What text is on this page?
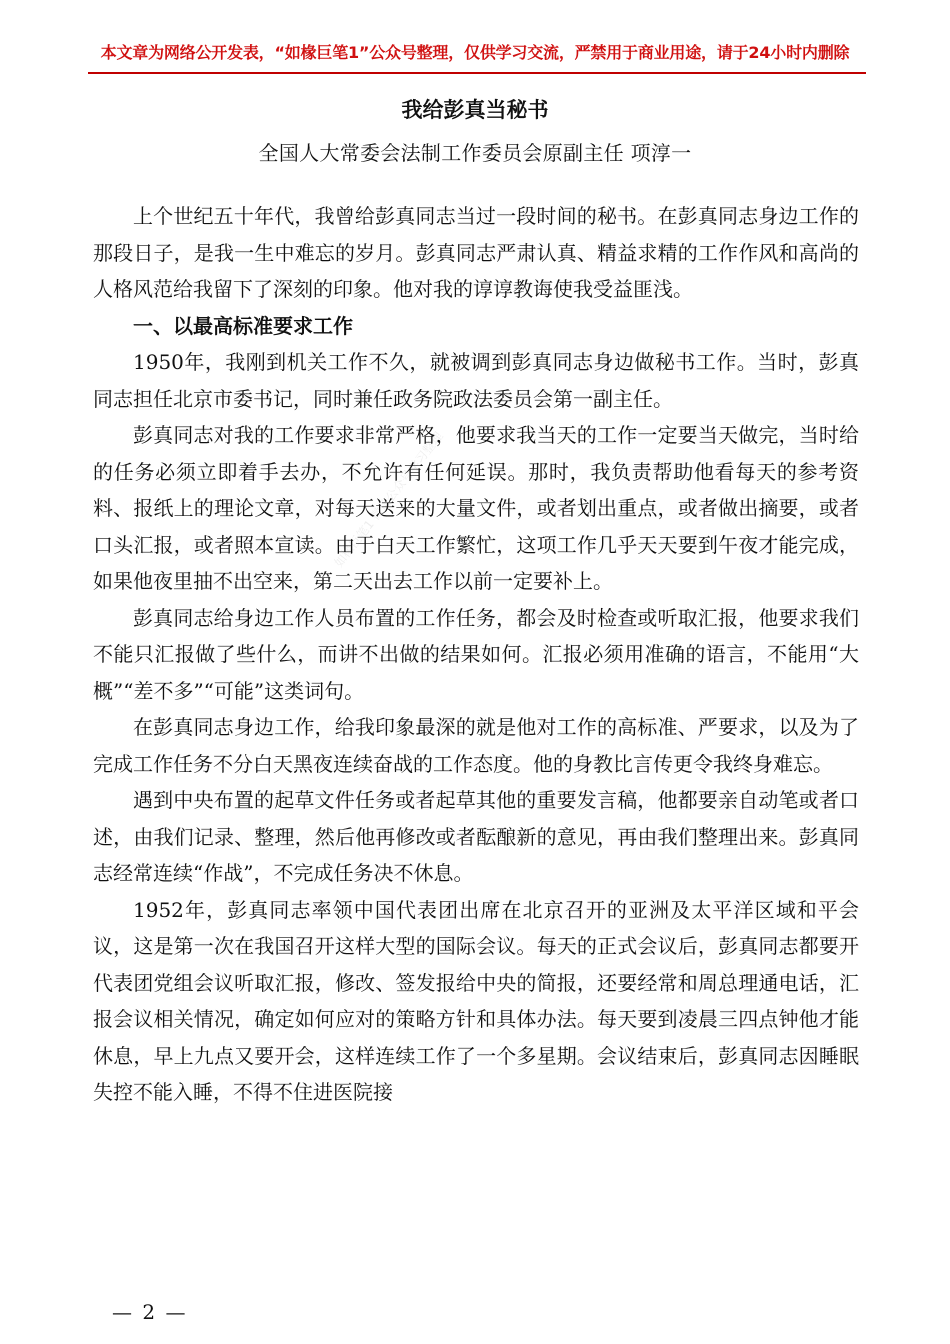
本文章为网络公开发表，“如椽巨笔1”公众号整理，仅供学习交流，严禁用于商业用途，请于24小时内删除
我给彭真当秘书
全国人大常委会法制工作委员会原副主任 项淳一
如椽巨笔1 微信公众号学习整理

上个世纪五十年代，我曾给彭真同志当过一段时间的秘书。在彭真同志身边工作的那段日子，是我一生中难忘的岁月。彭真同志严肃认真、精益求精的工作作风和高尚的人格风范给我留下了深刻的印象。他对我的谆谆教诲使我受益匪浅。

一、以最高标准要求工作

1950年，我刚到机关工作不久，就被调到彭真同志身边做秘书工作。当时，彭真同志担任北京市委书记，同时兼任政务院政法委员会第一副主任。

彭真同志对我的工作要求非常严格，他要求我当天的工作一定要当天做完，当时给的任务必须立即着手去办，不允许有任何延误。那时，我负责帮助他看每天的参考资料、报纸上的理论文章，对每天送来的大量文件，或者划出重点，或者做出摘要，或者口头汇报，或者照本宣读。由于白天工作繁忙，这项工作几乎天天要到午夜才能完成，如果他夜里抽不出空来，第二天出去工作以前一定要补上。

彭真同志给身边工作人员布置的工作任务，都会及时检查或听取汇报，他要求我们不能只汇报做了些什么，而讲不出做的结果如何。汇报必须用准确的语言，不能用“大概”“差不多”“可能”这类词句。

在彭真同志身边工作，给我印象最深的就是他对工作的高标准、严要求，以及为了完成工作任务不分白天黑夜连续奋战的工作态度。他的身教比言传更令我终身难忘。

遇到中央布置的起草文件任务或者起草其他的重要发言稿，他都要亲自动笔或者口述，由我们记录、整理，然后他再修改或者酝酿新的意见，再由我们整理出来。彭真同志经常连续“作战”，不完成任务决不休息。

1952年，彭真同志率领中国代表团出席在北京召开的亚洲及太平洋区域和平会议，这是第一次在我国召开这样大型的国际会议。每天的正式会议后，彭真同志都要开代表团党组会议听取汇报，修改、签发报给中央的简报，还要经常和周总理通电话，汇报会议相关情况，确定如何应对的策略方针和具体办法。每天要到凌晨三四点钟他才能休息，早上九点又要开会，这样连续工作了一个多星期。会议结束后，彭真同志因睡眠失控不能入睡，不得不住进医院接

— 2 —
